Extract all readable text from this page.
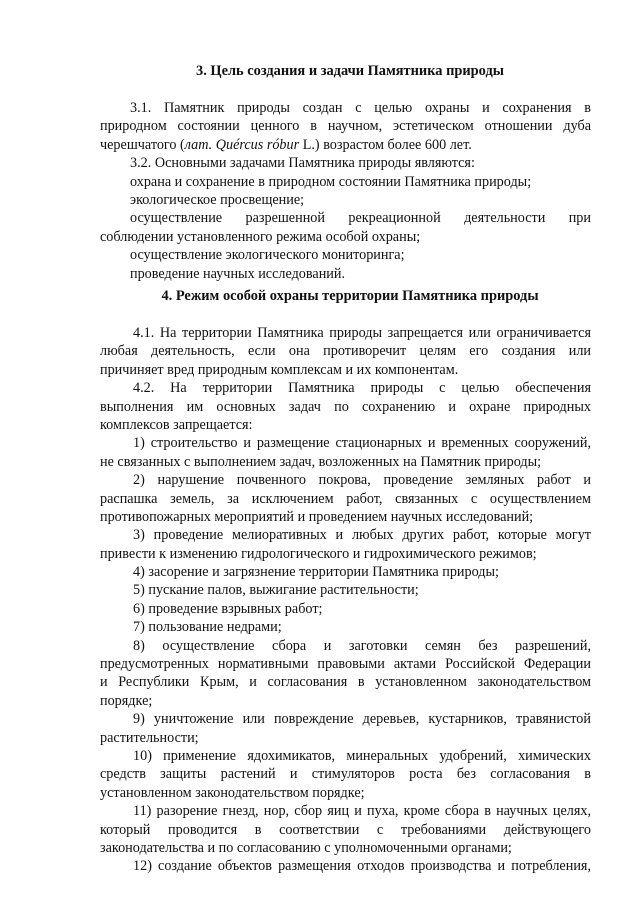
3. Цель создания и задачи Памятника природы
3.1. Памятник природы создан с целью охраны и сохранения в
природном состоянии ценного в научном, эстетическом отношении дуба
черешчатого (лат. Quércus róbur L.) возрастом более 600 лет.
3.2. Основными задачами Памятника природы являются:
охрана и сохранение в природном состоянии Памятника природы;
экологическое просвещение;
осуществление разрешенной рекреационной деятельности при
соблюдении установленного режима особой охраны;
осуществление экологического мониторинга;
проведение научных исследований.
4. Режим особой охраны территории Памятника природы
4.1. На территории Памятника природы запрещается или ограничивается
любая деятельность, если она противоречит целям его создания или
причиняет вред природным комплексам и их компонентам.
4.2. На территории Памятника природы с целью обеспечения
выполнения им основных задач по сохранению и охране природных
комплексов запрещается:
1) строительство и размещение стационарных и временных сооружений,
не связанных с выполнением задач, возложенных на Памятник природы;
2) нарушение почвенного покрова, проведение земляных работ и
распашка земель, за исключением работ, связанных с осуществлением
противопожарных мероприятий и проведением научных исследований;
3) проведение мелиоративных и любых других работ, которые могут
привести к изменению гидрологического и гидрохимического режимов;
4) засорение и загрязнение территории Памятника природы;
5) пускание палов, выжигание растительности;
6) проведение взрывных работ;
7) пользование недрами;
8) осуществление сбора и заготовки семян без разрешений,
предусмотренных нормативными правовыми актами Российской Федерации
и Республики Крым, и согласования в установленном законодательством
порядке;
9) уничтожение или повреждение деревьев, кустарников, травянистой
растительности;
10) применение ядохимикатов, минеральных удобрений, химических
средств защиты растений и стимуляторов роста без согласования в
установленном законодательством порядке;
11) разорение гнезд, нор, сбор яиц и пуха, кроме сбора в научных целях,
который проводится в соответствии с требованиями действующего
законодательства и по согласованию с уполномоченными органами;
12) создание объектов размещения отходов производства и потребления,
